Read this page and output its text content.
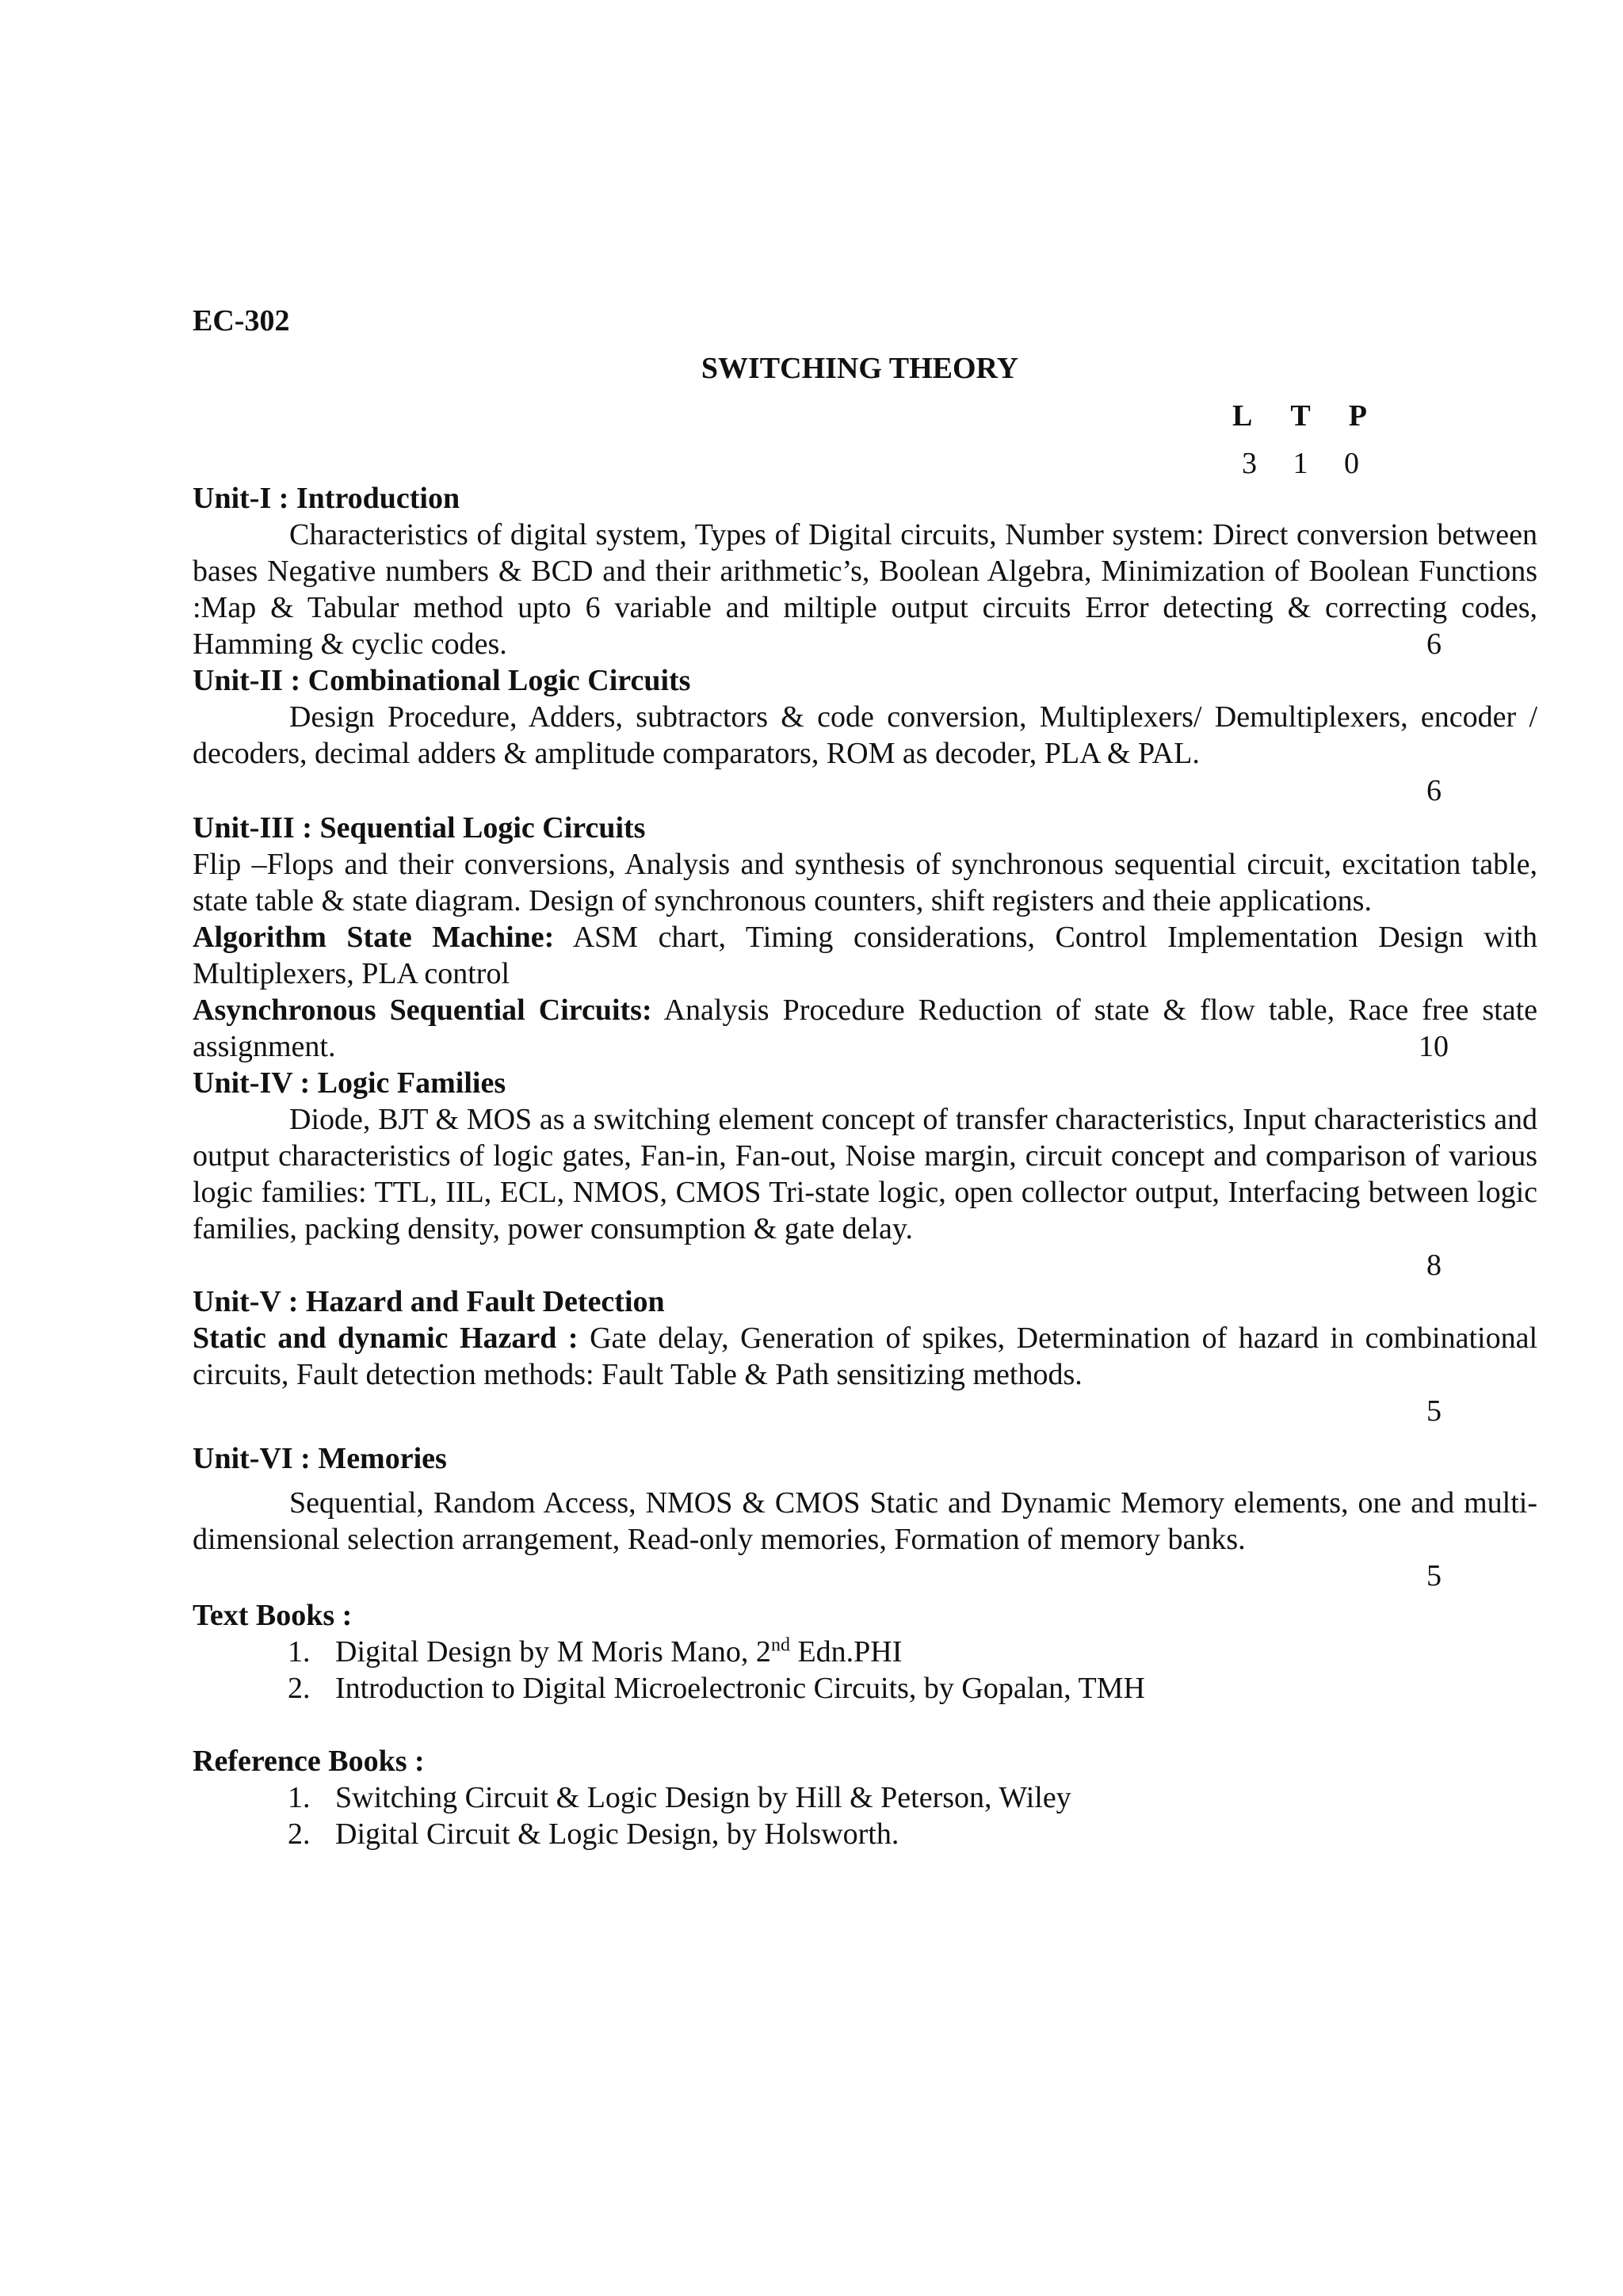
EC-302
SWITCHING THEORY
L T P
3 1 0

Unit-I : Introduction

Characteristics of digital system, Types of Digital circuits, Number system: Direct conversion between bases Negative numbers & BCD and their arithmetic’s, Boolean Algebra, Minimization of Boolean Functions :Map & Tabular method upto 6 variable and miltiple output circuits Error detecting & correcting codes, Hamming & cyclic codes.	6

Unit-II : Combinational Logic Circuits

Design Procedure, Adders, subtractors & code conversion, Multiplexers/ Demultiplexers, encoder / decoders, decimal adders & amplitude comparators, ROM as decoder, PLA & PAL.

6

Unit-III : Sequential Logic Circuits

Flip –Flops and their conversions, Analysis and synthesis of synchronous sequential circuit, excitation table, state table & state diagram. Design of synchronous counters, shift registers and theie applications.

Algorithm State Machine: ASM chart, Timing considerations, Control Implementation Design with Multiplexers, PLA control

Asynchronous Sequential Circuits: Analysis Procedure Reduction of state & flow table, Race free state assignment.	10

Unit-IV : Logic Families

Diode, BJT & MOS as a switching element concept of transfer characteristics, Input characteristics and output characteristics of logic gates, Fan-in, Fan-out, Noise margin, circuit concept and comparison of various logic families: TTL, IIL, ECL, NMOS, CMOS Tri-state logic, open collector output, Interfacing between logic families, packing density, power consumption & gate delay.

8

Unit-V : Hazard and Fault Detection

Static and dynamic Hazard : Gate delay, Generation of spikes, Determination of hazard in combinational circuits, Fault detection methods: Fault Table & Path sensitizing methods.

5

Unit-VI : Memories

Sequential, Random Access, NMOS & CMOS Static and Dynamic Memory elements, one and multi-dimensional selection arrangement, Read-only memories, Formation of memory banks.

5
Text Books :
1. Digital Design by M Moris Mano, 2nd Edn.PHI
2. Introduction to Digital Microelectronic Circuits, by Gopalan, TMH
Reference Books :
1. Switching Circuit & Logic Design by Hill & Peterson, Wiley
2. Digital Circuit & Logic Design, by Holsworth.
